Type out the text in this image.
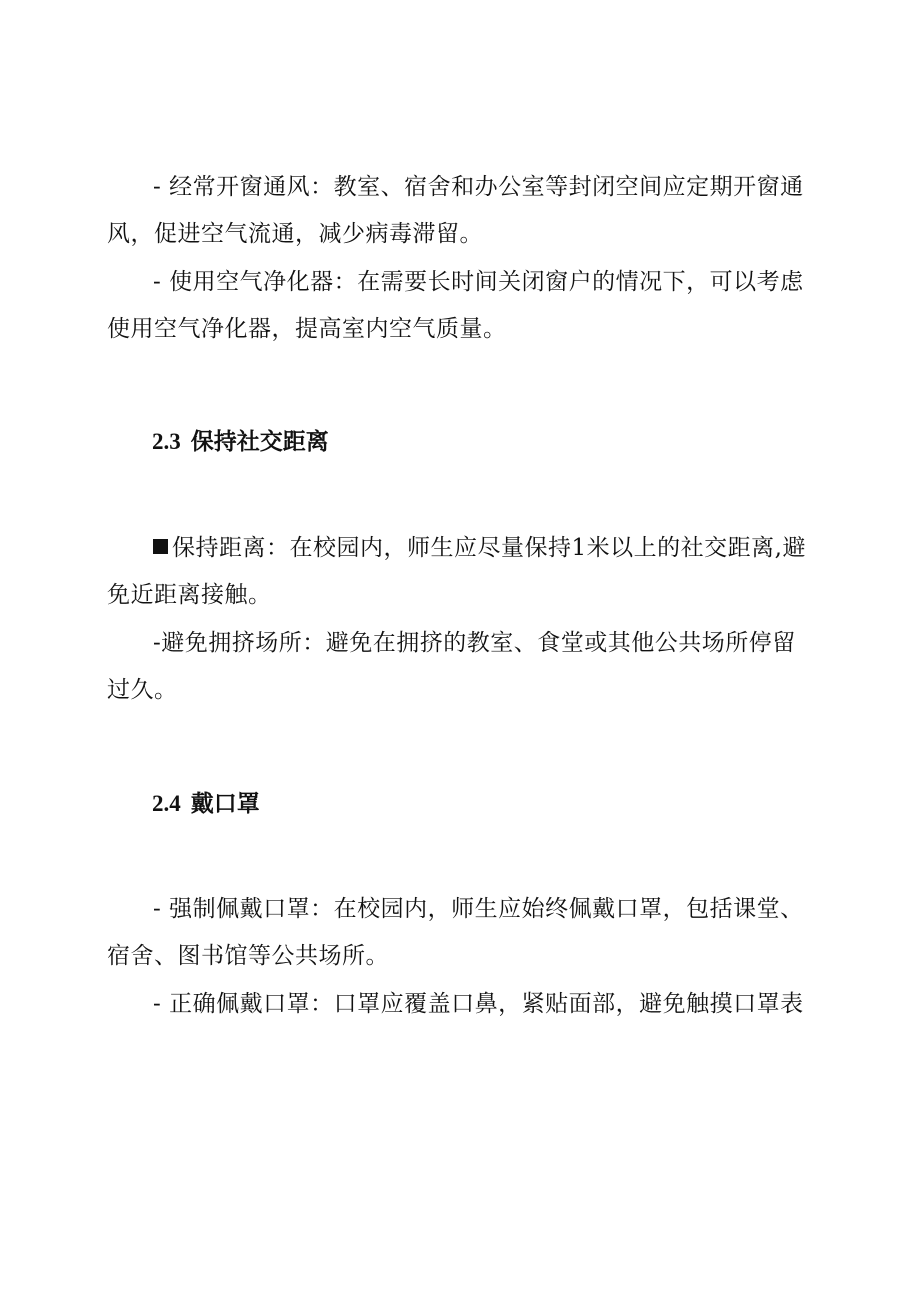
- 经常开窗通风：教室、宿舍和办公室等封闭空间应定期开窗通风，促进空气流通，减少病毒滞留。

- 使用空气净化器：在需要长时间关闭窗户的情况下，可以考虑使用空气净化器，提高室内空气质量。

2.3 保持社交距离

保持距离：在校园内，师生应尽量保持1米以上的社交距离,避免近距离接触。

-避免拥挤场所：避免在拥挤的教室、食堂或其他公共场所停留过久。

2.4 戴口罩

- 强制佩戴口罩：在校园内，师生应始终佩戴口罩，包括课堂、宿舍、图书馆等公共场所。

- 正确佩戴口罩：口罩应覆盖口鼻，紧贴面部，避免触摸口罩表
